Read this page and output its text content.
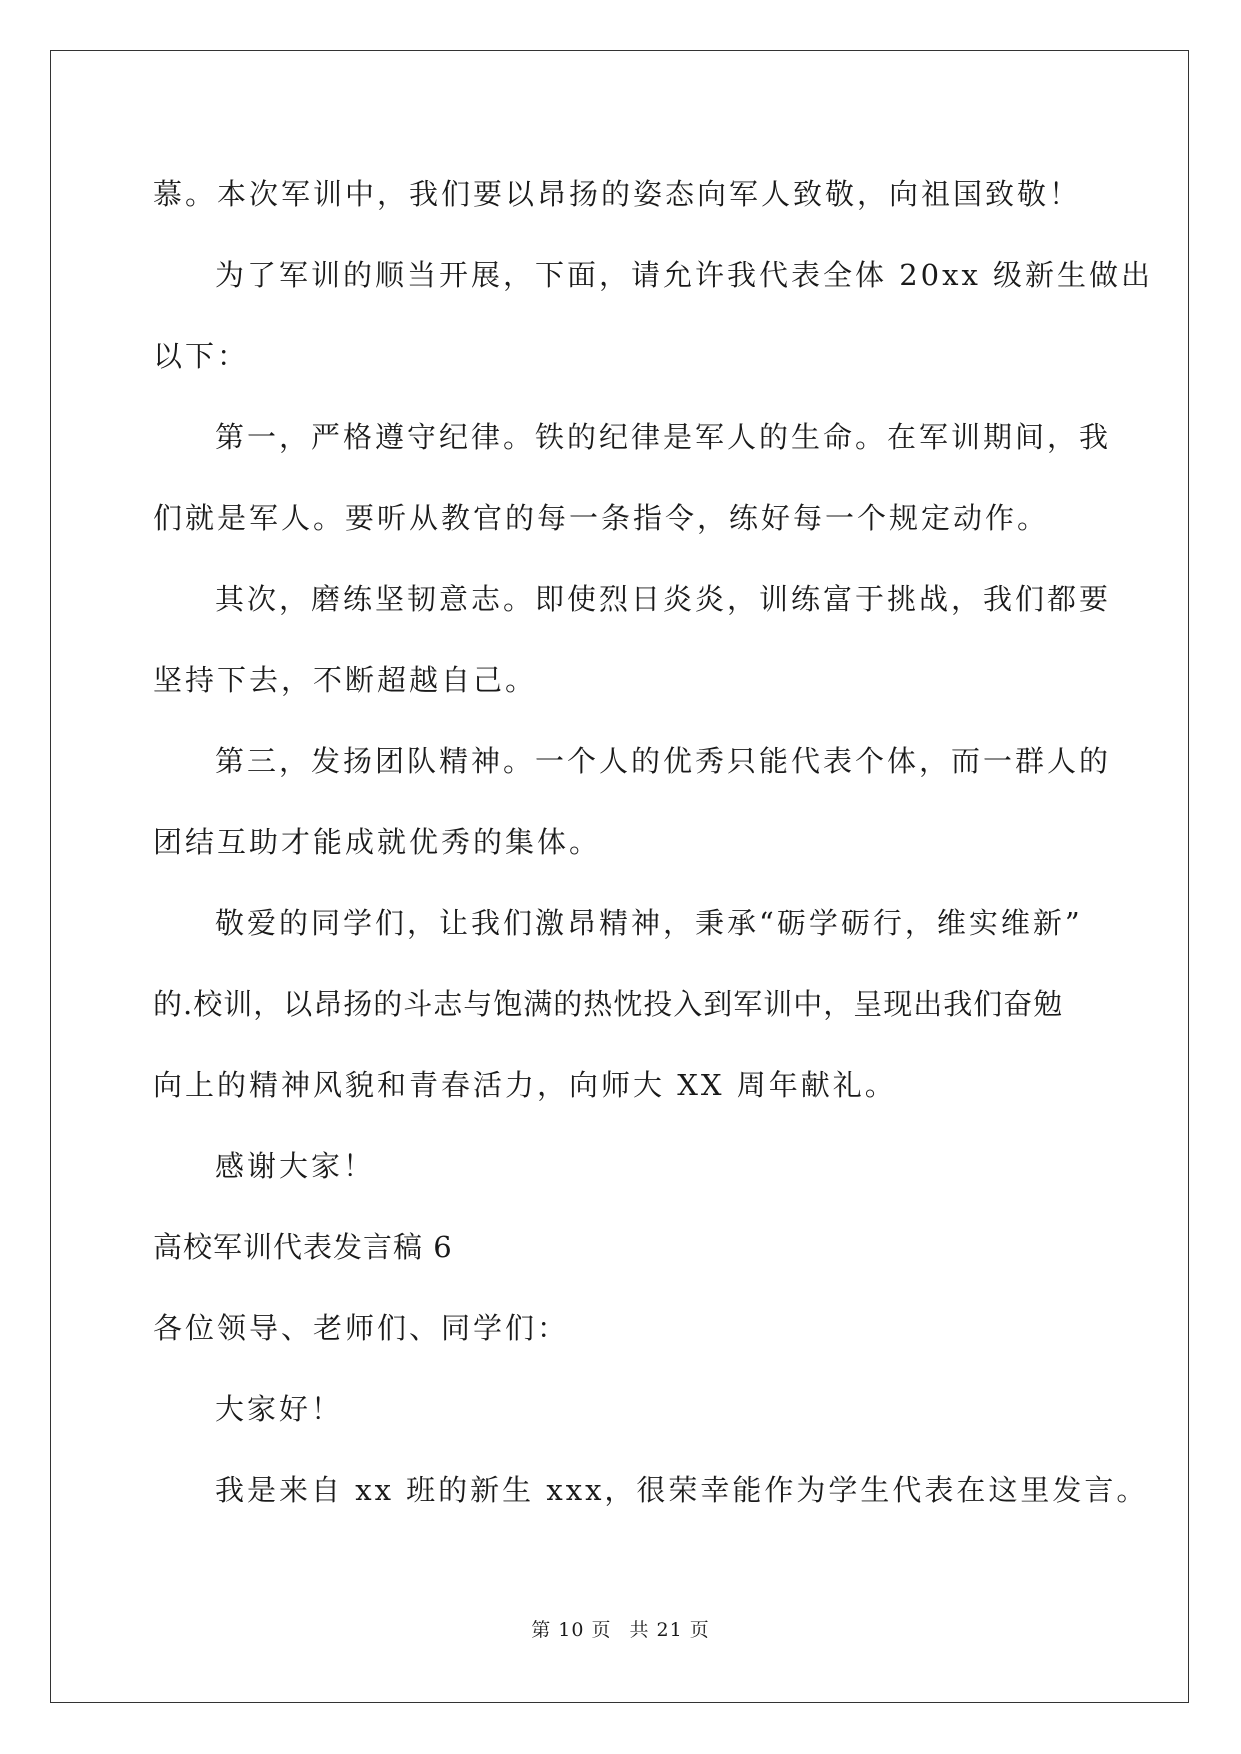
慕。本次军训中，我们要以昂扬的姿态向军人致敬，向祖国致敬！
为了军训的顺当开展，下面，请允许我代表全体 20xx 级新生做出
以下：
第一，严格遵守纪律。铁的纪律是军人的生命。在军训期间，我
们就是军人。要听从教官的每一条指令，练好每一个规定动作。
其次，磨练坚韧意志。即使烈日炎炎，训练富于挑战，我们都要
坚持下去，不断超越自己。
第三，发扬团队精神。一个人的优秀只能代表个体，而一群人的
团结互助才能成就优秀的集体。
敬爱的同学们，让我们激昂精神，秉承“砺学砺行，维实维新”
的.校训，以昂扬的斗志与饱满的热忱投入到军训中，呈现出我们奋勉
向上的精神风貌和青春活力，向师大 XX 周年献礼。
感谢大家！
高校军训代表发言稿 6
各位领导、老师们、同学们：
大家好！
我是来自 xx 班的新生 xxx，很荣幸能作为学生代表在这里发言。
第 10 页 共 21 页
